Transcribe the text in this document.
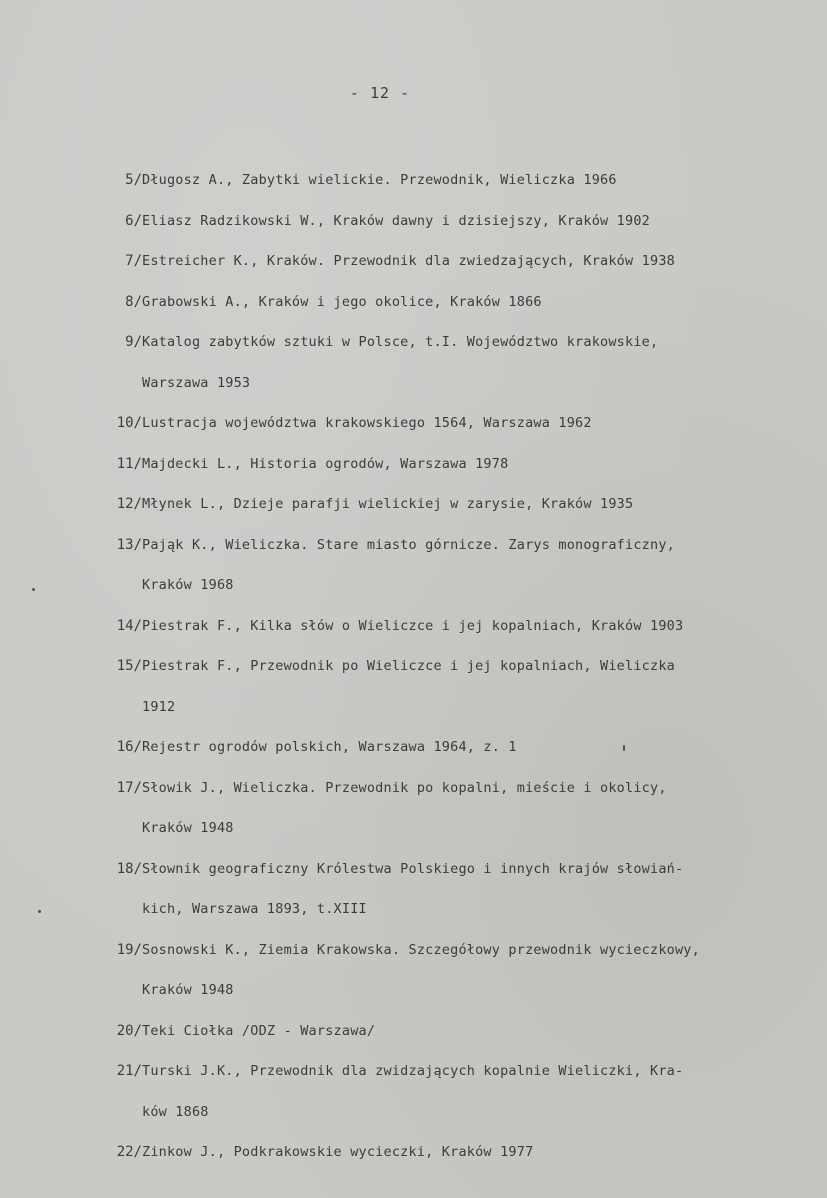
- 12 -
5/ Długosz A., Zabytki wielickie. Przewodnik, Wieliczka 1966
6/ Eliasz Radzikowski W., Kraków dawny i dzisiejszy, Kraków 1902
7/ Estreicher K., Kraków. Przewodnik dla zwiedzających, Kraków 1938
8/ Grabowski A., Kraków i jego okolice, Kraków 1866
9/ Katalog zabytków sztuki w Polsce, t.I. Województwo krakowskie,
Warszawa 1953
10/ Lustracja województwa krakowskiego 1564, Warszawa 1962
11/ Majdecki L., Historia ogrodów, Warszawa 1978
12/ Młynek L., Dzieje parafji wielickiej w zarysie, Kraków 1935
13/ Pająk K., Wieliczka. Stare miasto górnicze. Zarys monograficzny,
Kraków 1968
14/ Piestrak F., Kilka słów o Wieliczce i jej kopalniach, Kraków 1903
15/ Piestrak F., Przewodnik po Wieliczce i jej kopalniach, Wieliczka
1912
16/ Rejestr ogrodów polskich, Warszawa 1964, z. 1
17/ Słowik J., Wieliczka. Przewodnik po kopalni, mieście i okolicy,
Kraków 1948
18/ Słownik geograficzny Królestwa Polskiego i innych krajów słowiań-
kich, Warszawa 1893, t.XIII
19/ Sosnowski K., Ziemia Krakowska. Szczegółowy przewodnik wycieczkowy,
Kraków 1948
20/ Teki Ciołka /ODZ - Warszawa/
21/ Turski J.K., Przewodnik dla zwidzających kopalnie Wieliczki, Kra-
ków 1868
22/ Zinkow J., Podkrakowskie wycieczki, Kraków 1977
